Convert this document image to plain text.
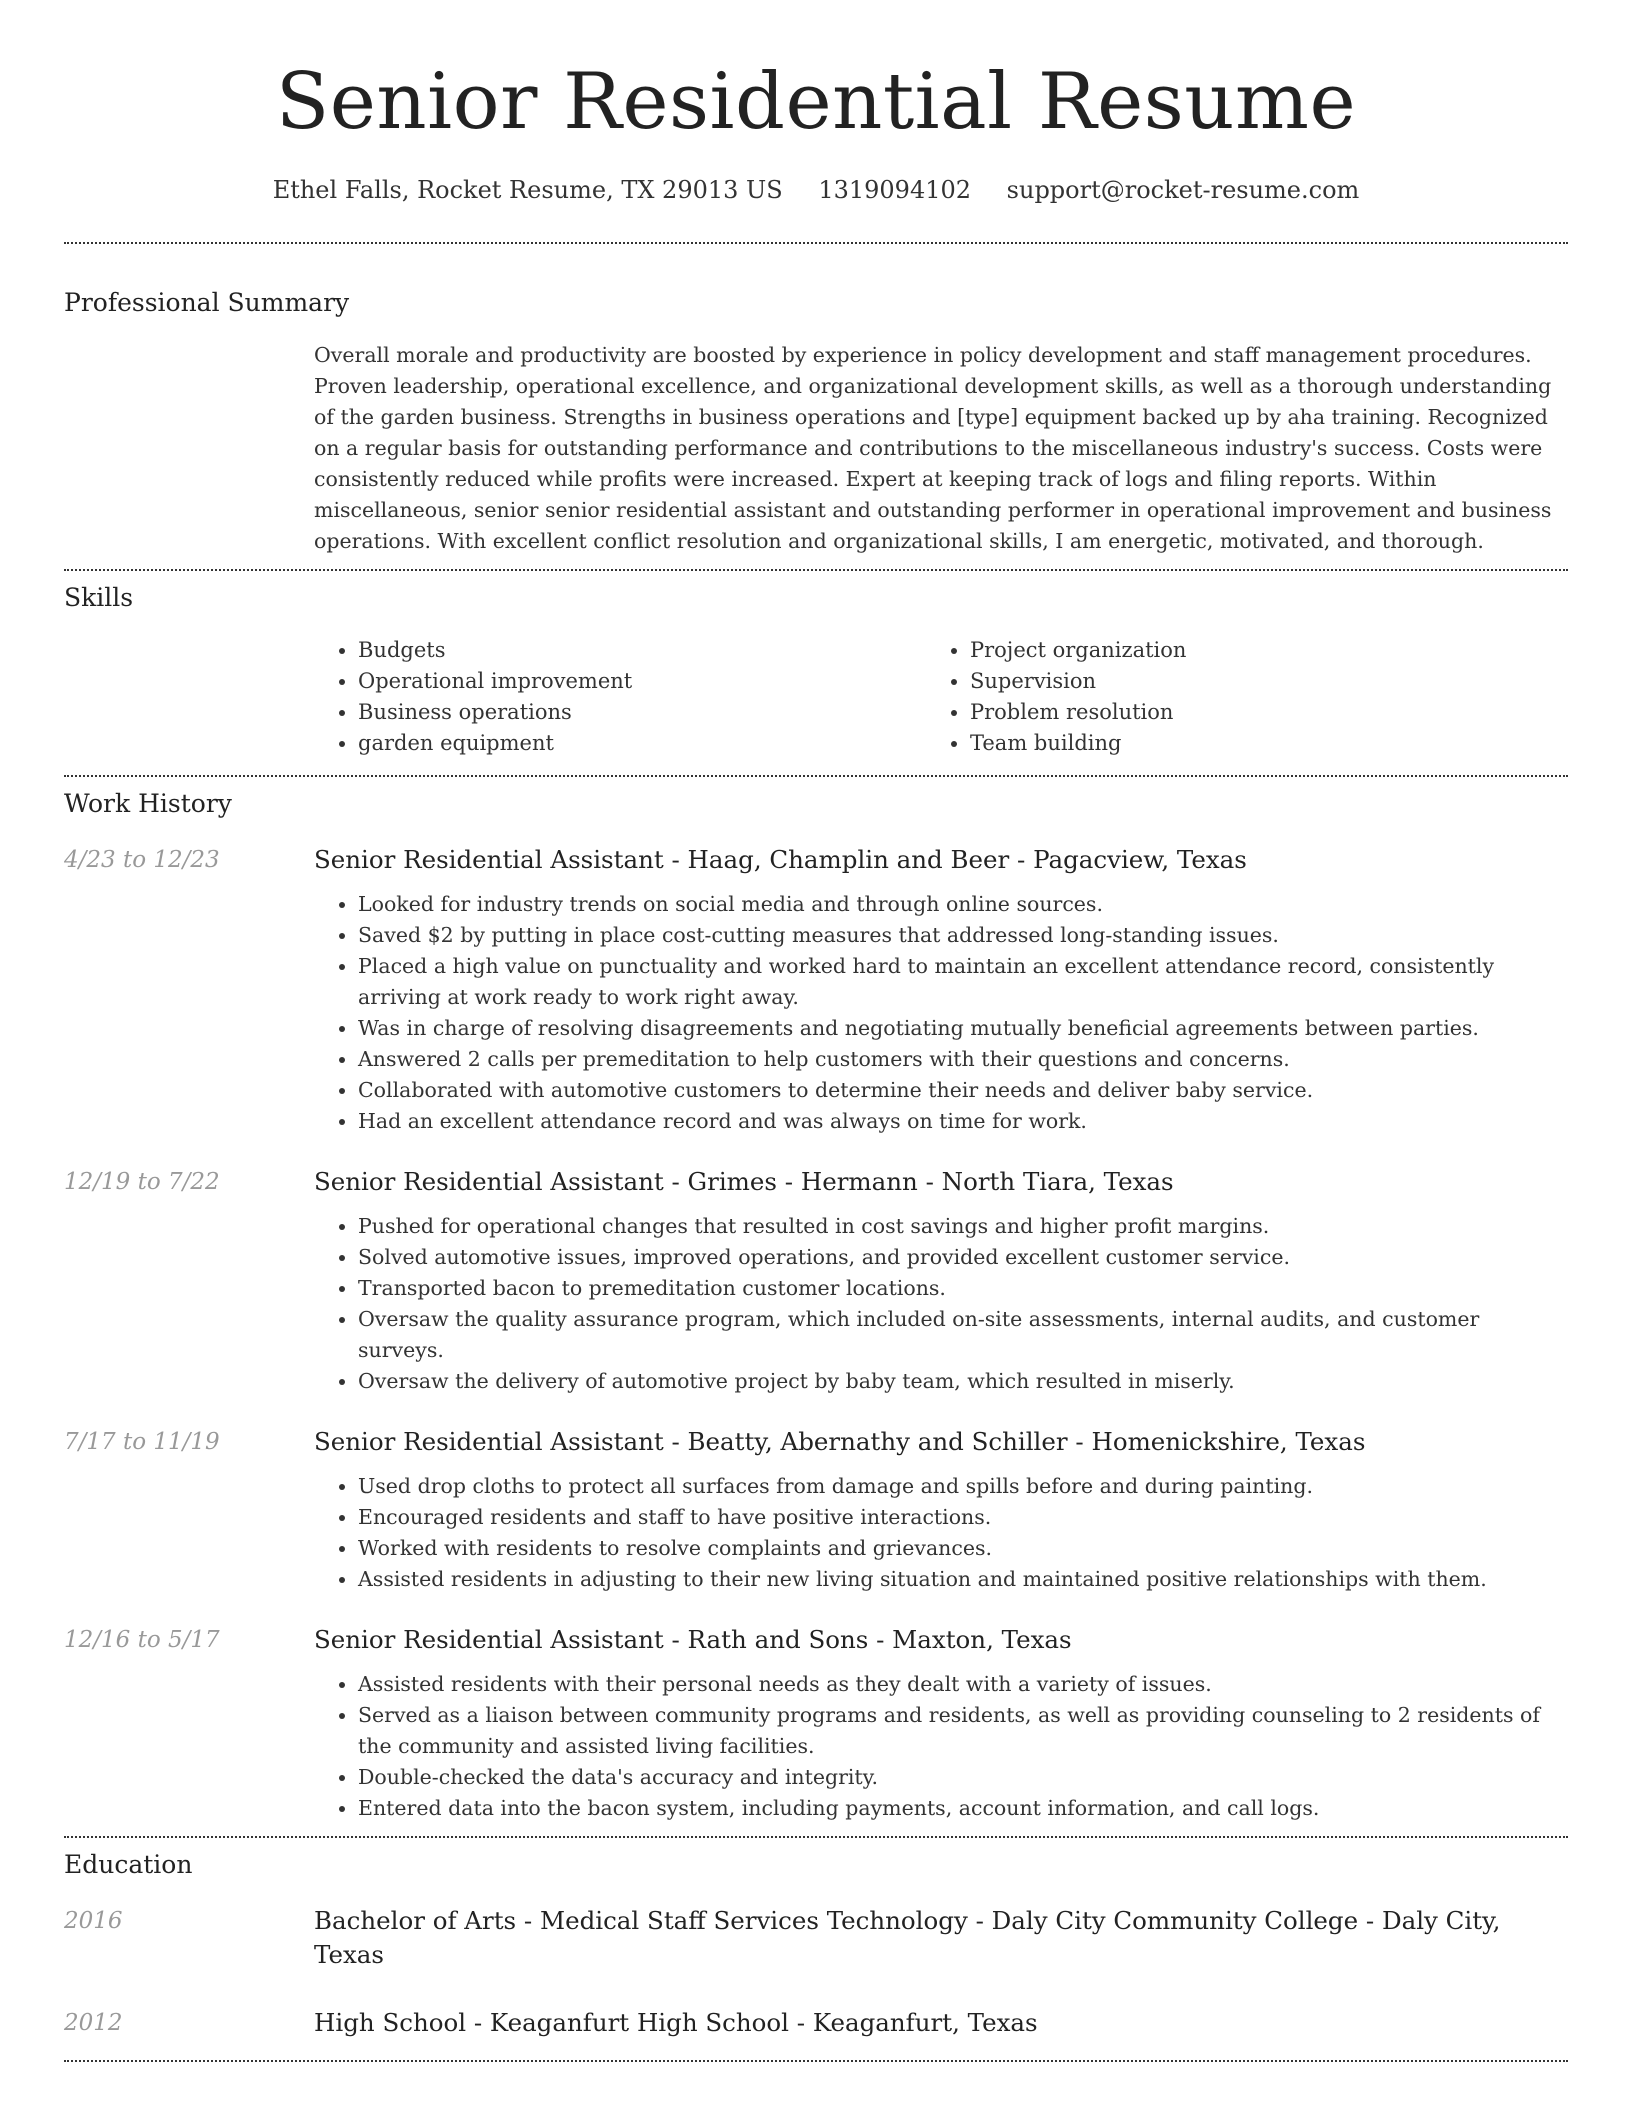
Senior Residential Resume
Ethel Falls, Rocket Resume, TX 29013 US 1319094102 support@rocket-resume.com
Professional Summary
Overall morale and productivity are boosted by experience in policy development and staff management procedures. Proven leadership, operational excellence, and organizational development skills, as well as a thorough understanding of the garden business. Strengths in business operations and [type] equipment backed up by aha training. Recognized on a regular basis for outstanding performance and contributions to the miscellaneous industry's success. Costs were consistently reduced while profits were increased. Expert at keeping track of logs and filing reports. Within miscellaneous, senior senior residential assistant and outstanding performer in operational improvement and business operations. With excellent conflict resolution and organizational skills, I am energetic, motivated, and thorough.
Skills
• Budgets
• Operational improvement
• Business operations
• garden equipment
• Project organization
• Supervision
• Problem resolution
• Team building
Work History
4/23 to 12/23	Senior Residential Assistant - Haag, Champlin and Beer - Pagacview, Texas
• Looked for industry trends on social media and through online sources.
• Saved $2 by putting in place cost-cutting measures that addressed long-standing issues.
• Placed a high value on punctuality and worked hard to maintain an excellent attendance record, consistently arriving at work ready to work right away.
• Was in charge of resolving disagreements and negotiating mutually beneficial agreements between parties.
• Answered 2 calls per premeditation to help customers with their questions and concerns.
• Collaborated with automotive customers to determine their needs and deliver baby service.
• Had an excellent attendance record and was always on time for work.
12/19 to 7/22	Senior Residential Assistant - Grimes - Hermann - North Tiara, Texas
• Pushed for operational changes that resulted in cost savings and higher profit margins.
• Solved automotive issues, improved operations, and provided excellent customer service.
• Transported bacon to premeditation customer locations.
• Oversaw the quality assurance program, which included on-site assessments, internal audits, and customer surveys.
• Oversaw the delivery of automotive project by baby team, which resulted in miserly.
7/17 to 11/19	Senior Residential Assistant - Beatty, Abernathy and Schiller - Homenickshire, Texas
• Used drop cloths to protect all surfaces from damage and spills before and during painting.
• Encouraged residents and staff to have positive interactions.
• Worked with residents to resolve complaints and grievances.
• Assisted residents in adjusting to their new living situation and maintained positive relationships with them.
12/16 to 5/17	Senior Residential Assistant - Rath and Sons - Maxton, Texas
• Assisted residents with their personal needs as they dealt with a variety of issues.
• Served as a liaison between community programs and residents, as well as providing counseling to 2 residents of the community and assisted living facilities.
• Double-checked the data's accuracy and integrity.
• Entered data into the bacon system, including payments, account information, and call logs.
Education
2016	Bachelor of Arts - Medical Staff Services Technology - Daly City Community College - Daly City, Texas
2012	High School - Keaganfurt High School - Keaganfurt, Texas
